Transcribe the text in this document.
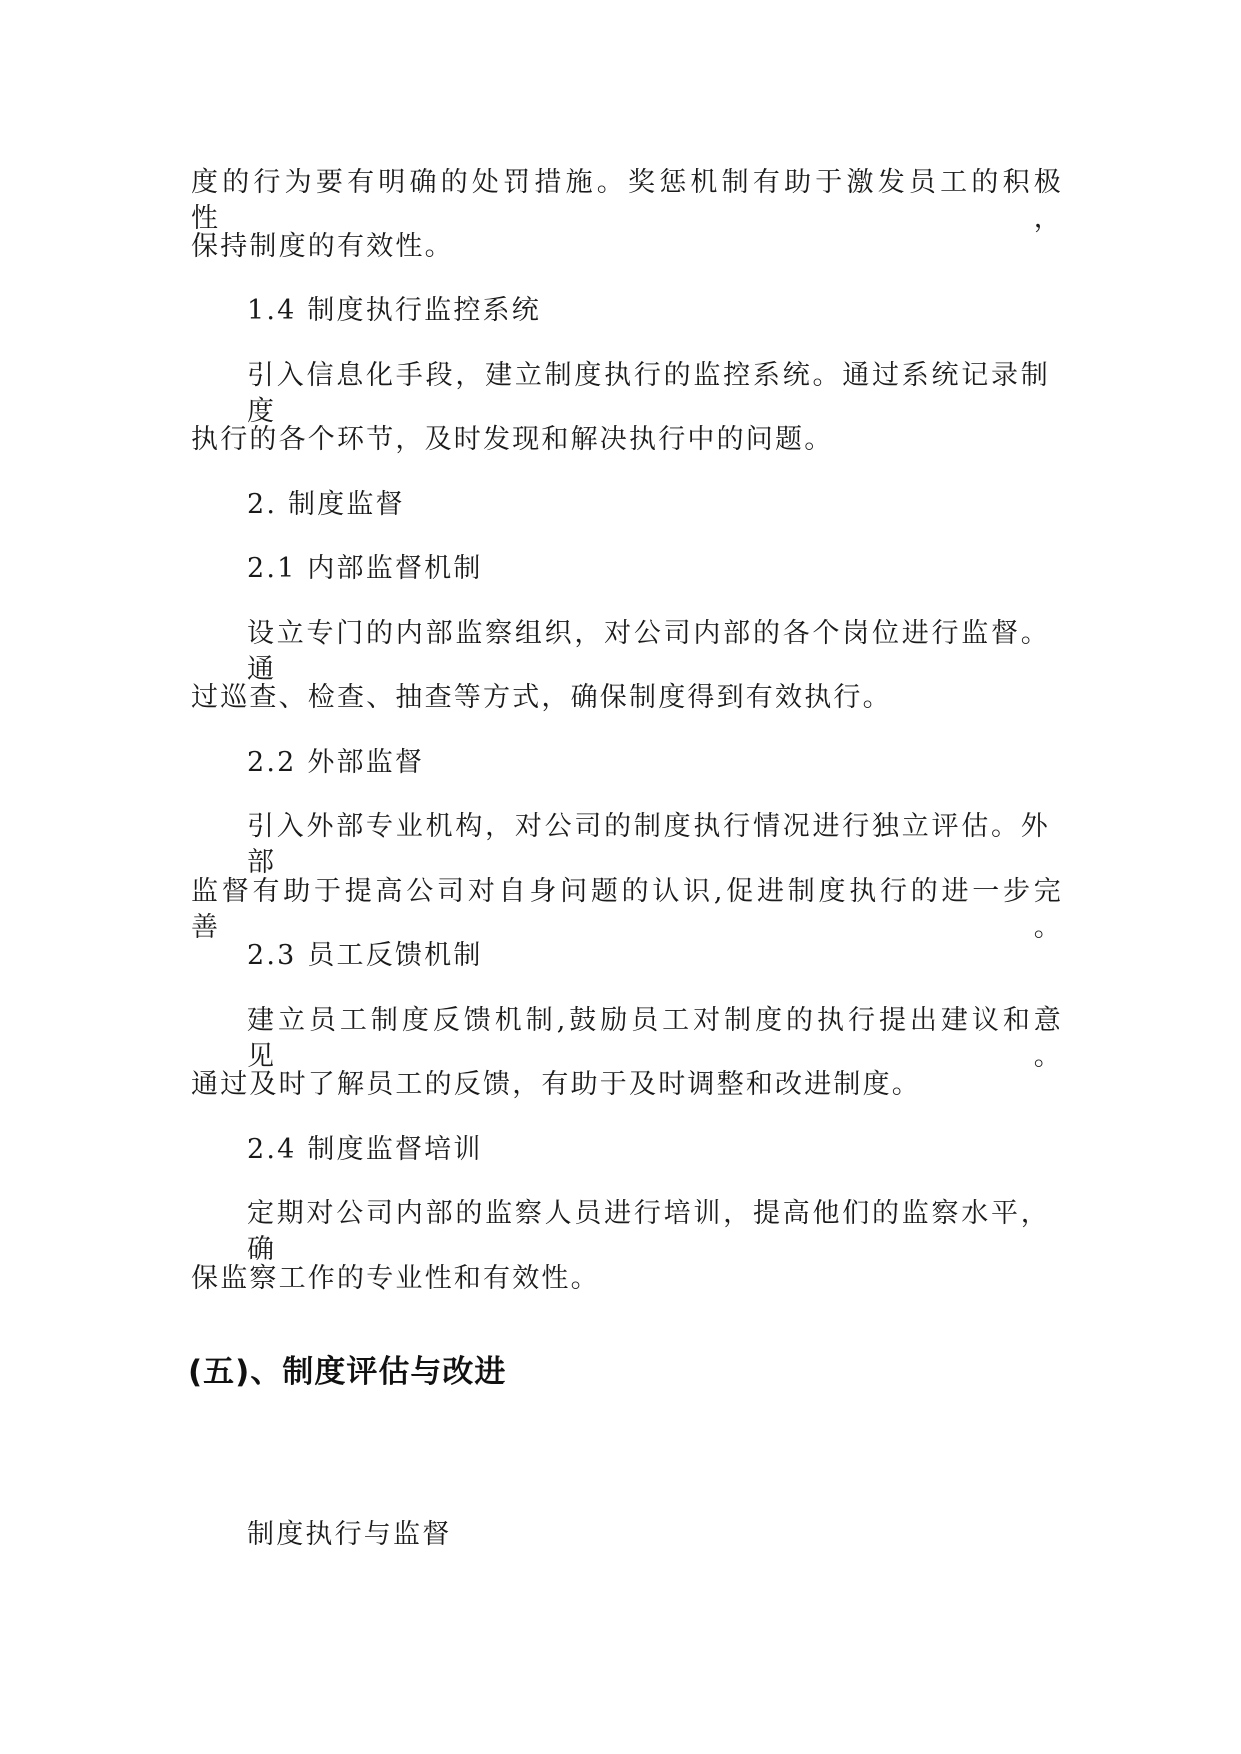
度的行为要有明确的处罚措施。奖惩机制有助于激发员工的积极性，
保持制度的有效性。
1.4 制度执行监控系统
引入信息化手段，建立制度执行的监控系统。通过系统记录制度
执行的各个环节，及时发现和解决执行中的问题。
2. 制度监督
2.1 内部监督机制
设立专门的内部监察组织，对公司内部的各个岗位进行监督。通
过巡查、检查、抽查等方式，确保制度得到有效执行。
2.2 外部监督
引入外部专业机构，对公司的制度执行情况进行独立评估。外部
监督有助于提高公司对自身问题的认识,促进制度执行的进一步完善。
2.3 员工反馈机制
建立员工制度反馈机制,鼓励员工对制度的执行提出建议和意见。
通过及时了解员工的反馈，有助于及时调整和改进制度。
2.4 制度监督培训
定期对公司内部的监察人员进行培训，提高他们的监察水平，确
保监察工作的专业性和有效性。
(五)、制度评估与改进
制度执行与监督
